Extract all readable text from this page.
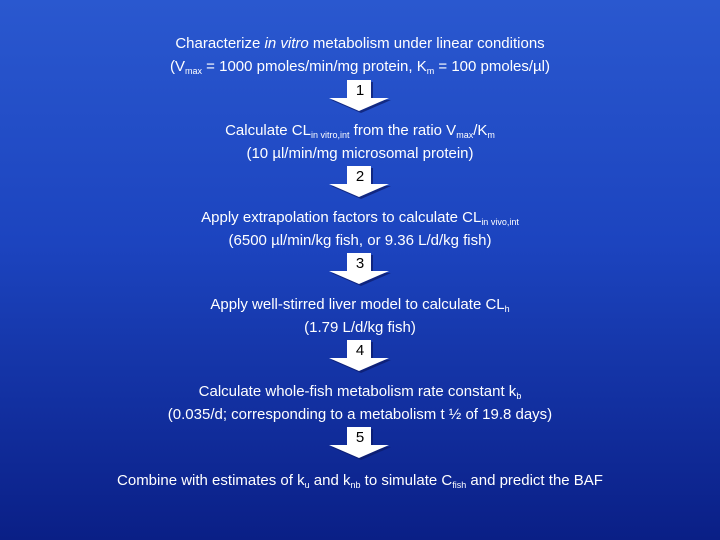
Characterize in vitro metabolism under linear conditions
($V_{max} = 1000$ pmoles/min/mg protein, $K_m = 100$ pmoles/µl)
1
Calculate $CL_{in vitro,int}$ from the ratio $V_{max}/K_m$
(10 µl/min/mg microsomal protein)
2
Apply extrapolation factors to calculate $CL_{in vivo,int}$
(6500 µl/min/kg fish, or 9.36 L/d/kg fish)
3
Apply well-stirred liver model to calculate $CL_h$
(1.79 L/d/kg fish)
4
Calculate whole-fish metabolism rate constant $k_b$
(0.035/d; corresponding to a metabolism t ½ of 19.8 days)
5
Combine with estimates of $k_u$ and $k_{nb}$ to simulate $C_{fish}$ and predict the BAF
